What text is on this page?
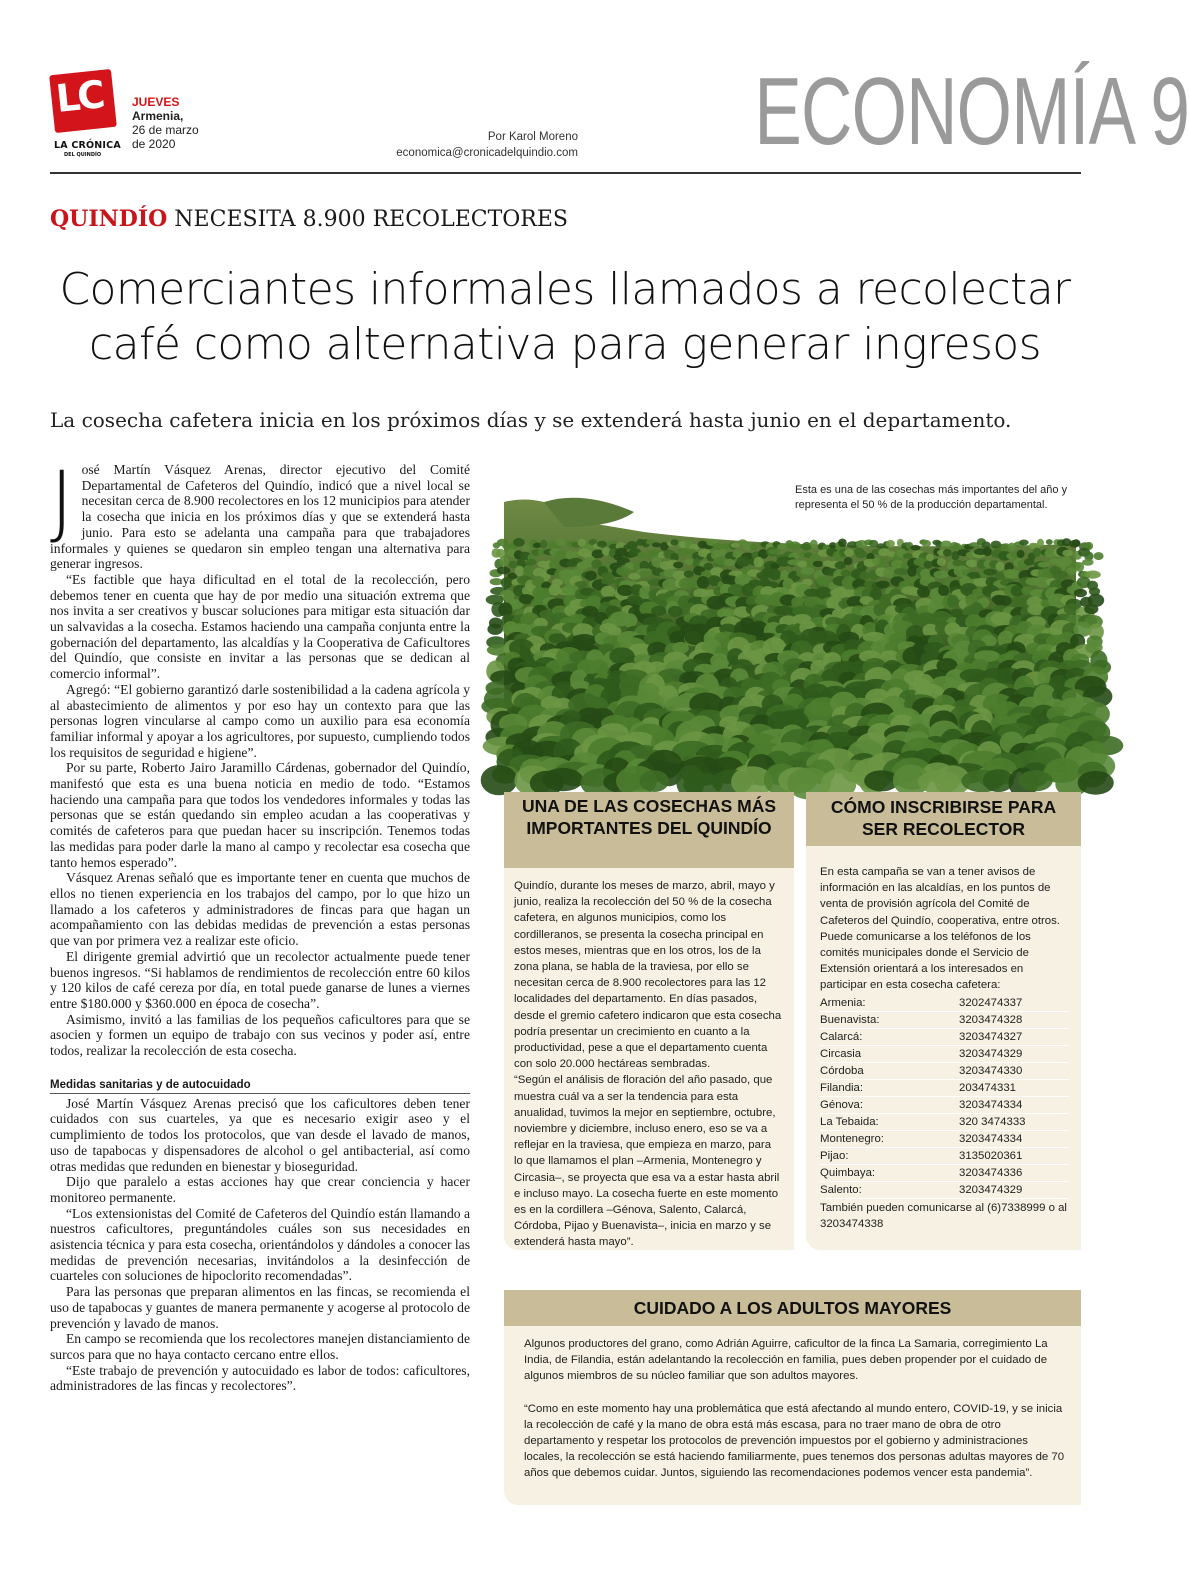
LC
LA CRÓNICA
DEL QUINDÍO
JUEVES
Armenia,
26 de marzo
de 2020	Por Karol Moreno
economica@cronicadelquindio.com ECONOMÍA 9
QUINDÍO NECESITA 8.900 RECOLECTORES
Comerciantes informales llamados a recolectar café como alternativa para generar ingresos
La cosecha cafetera inicia en los próximos días y se extenderá hasta junio en el departamento.

José Martín Vásquez Arenas, director ejecutivo del Comité Departamental de Cafeteros del Quindío, indicó que a nivel local se necesitan cerca de 8.900 recolectores en los 12 municipios para atender la cosecha que inicia en los próximos días y que se extenderá hasta junio. Para esto se adelanta una campaña para que trabajadores informales y quienes se quedaron sin empleo tengan una alternativa para generar ingresos.

“Es factible que haya dificultad en el total de la recolección, pero debemos tener en cuenta que hay de por medio una situación extrema que nos invita a ser creativos y buscar soluciones para mitigar esta situación dar un salvavidas a la cosecha. Estamos haciendo una campaña conjunta entre la gobernación del departamento, las alcaldías y la Cooperativa de Caficultores del Quindío, que consiste en invitar a las personas que se dedican al comercio informal”.

Agregó: “El gobierno garantizó darle sostenibilidad a la cadena agrícola y al abastecimiento de alimentos y por eso hay un contexto para que las personas logren vincularse al campo como un auxilio para esa economía familiar informal y apoyar a los agricultores, por supuesto, cumpliendo todos los requisitos de seguridad e higiene”.

Por su parte, Roberto Jairo Jaramillo Cárdenas, gobernador del Quindío, manifestó que esta es una buena noticia en medio de todo. “Estamos haciendo una campaña para que todos los vendedores informales y todas las personas que se están quedando sin empleo acudan a las cooperativas y comités de cafeteros para que puedan hacer su inscripción. Tenemos todas las medidas para poder darle la mano al campo y recolectar esa cosecha que tanto hemos esperado”.

Vásquez Arenas señaló que es importante tener en cuenta que muchos de ellos no tienen experiencia en los trabajos del campo, por lo que hizo un llamado a los cafeteros y administradores de fincas para que hagan un acompañamiento con las debidas medidas de prevención a estas personas que van por primera vez a realizar este oficio.

El dirigente gremial advirtió que un recolector actualmente puede tener buenos ingresos. “Si hablamos de rendimientos de recolección entre 60 kilos y 120 kilos de café cereza por día, en total puede ganarse de lunes a viernes entre $180.000 y $360.000 en época de cosecha”.

Asimismo, invitó a las familias de los pequeños caficultores para que se asocien y formen un equipo de trabajo con sus vecinos y poder así, entre todos, realizar la recolección de esta cosecha.

Medidas sanitarias y de autocuidado

José Martín Vásquez Arenas precisó que los caficultores deben tener cuidados con sus cuarteles, ya que es necesario exigir aseo y el cumplimiento de todos los protocolos, que van desde el lavado de manos, uso de tapabocas y dispensadores de alcohol o gel antibacterial, así como otras medidas que redunden en bienestar y bioseguridad.

Dijo que paralelo a estas acciones hay que crear conciencia y hacer monitoreo permanente.

“Los extensionistas del Comité de Cafeteros del Quindío están llamando a nuestros caficultores, preguntándoles cuáles son sus necesidades en asistencia técnica y para esta cosecha, orientándolos y dándoles a conocer las medidas de prevención necesarias, invitándolos a la desinfección de cuarteles con soluciones de hipoclorito recomendadas”.

Para las personas que preparan alimentos en las fincas, se recomienda el uso de tapabocas y guantes de manera permanente y acogerse al protocolo de prevención y lavado de manos.

En campo se recomienda que los recolectores manejen distanciamiento de surcos para que no haya contacto cercano entre ellos.

“Este trabajo de prevención y autocuidado es labor de todos: caficultores, administradores de las fincas y recolectores”.

Esta es una de las cosechas más importantes del año y representa el 50 % de la producción departamental.
UNA DE LAS COSECHAS MÁS IMPORTANTES DEL QUINDÍO

Quindío, durante los meses de marzo, abril, mayo y junio, realiza la recolección del 50 % de la cosecha cafetera, en algunos municipios, como los cordilleranos, se presenta la cosecha principal en estos meses, mientras que en los otros, los de la zona plana, se habla de la traviesa, por ello se necesitan cerca de 8.900 recolectores para las 12 localidades del departamento. En días pasados, desde el gremio cafetero indicaron que esta cosecha podría presentar un crecimiento en cuanto a la productividad, pese a que el departamento cuenta con solo 20.000 hectáreas sembradas.

“Según el análisis de floración del año pasado, que muestra cuál va a ser la tendencia para esta anualidad, tuvimos la mejor en septiembre, octubre, noviembre y diciembre, incluso enero, eso se va a reflejar en la traviesa, que empieza en marzo, para lo que llamamos el plan –Armenia, Montenegro y Circasia–, se proyecta que esa va a estar hasta abril e incluso mayo. La cosecha fuerte en este momento es en la cordillera –Génova, Salento, Calarcá, Córdoba, Pijao y Buenavista–, inicia en marzo y se extenderá hasta mayo”.

CÓMO INSCRIBIRSE PARA SER RECOLECTOR

En esta campaña se van a tener avisos de información en las alcaldías, en los puntos de venta de provisión agrícola del Comité de Cafeteros del Quindío, cooperativa, entre otros. Puede comunicarse a los teléfonos de los comités municipales donde el Servicio de Extensión orientará a los interesados en participar en esta cosecha cafetera:

Armenia:	3202474337
Buenavista:	3203474328
Calarcá:	3203474327
Circasia	3203474329
Córdoba	3203474330
Filandia:	203474331
Génova:	3203474334
La Tebaida:	320 3474333
Montenegro:	3203474334
Pijao:	3135020361
Quimbaya:	3203474336
Salento:	3203474329

También pueden comunicarse al (6)7338999 o al 3203474338

CUIDADO A LOS ADULTOS MAYORES

Algunos productores del grano, como Adrián Aguirre, caficultor de la finca La Samaria, corregimiento La India, de Filandia, están adelantando la recolección en familia, pues deben propender por el cuidado de algunos miembros de su núcleo familiar que son adultos mayores.

“Como en este momento hay una problemática que está afectando al mundo entero, COVID-19, y se inicia la recolección de café y la mano de obra está más escasa, para no traer mano de obra de otro departamento y respetar los protocolos de prevención impuestos por el gobierno y administraciones locales, la recolección se está haciendo familiarmente, pues tenemos dos personas adultas mayores de 70 años que debemos cuidar. Juntos, siguiendo las recomendaciones podemos vencer esta pandemia”.
